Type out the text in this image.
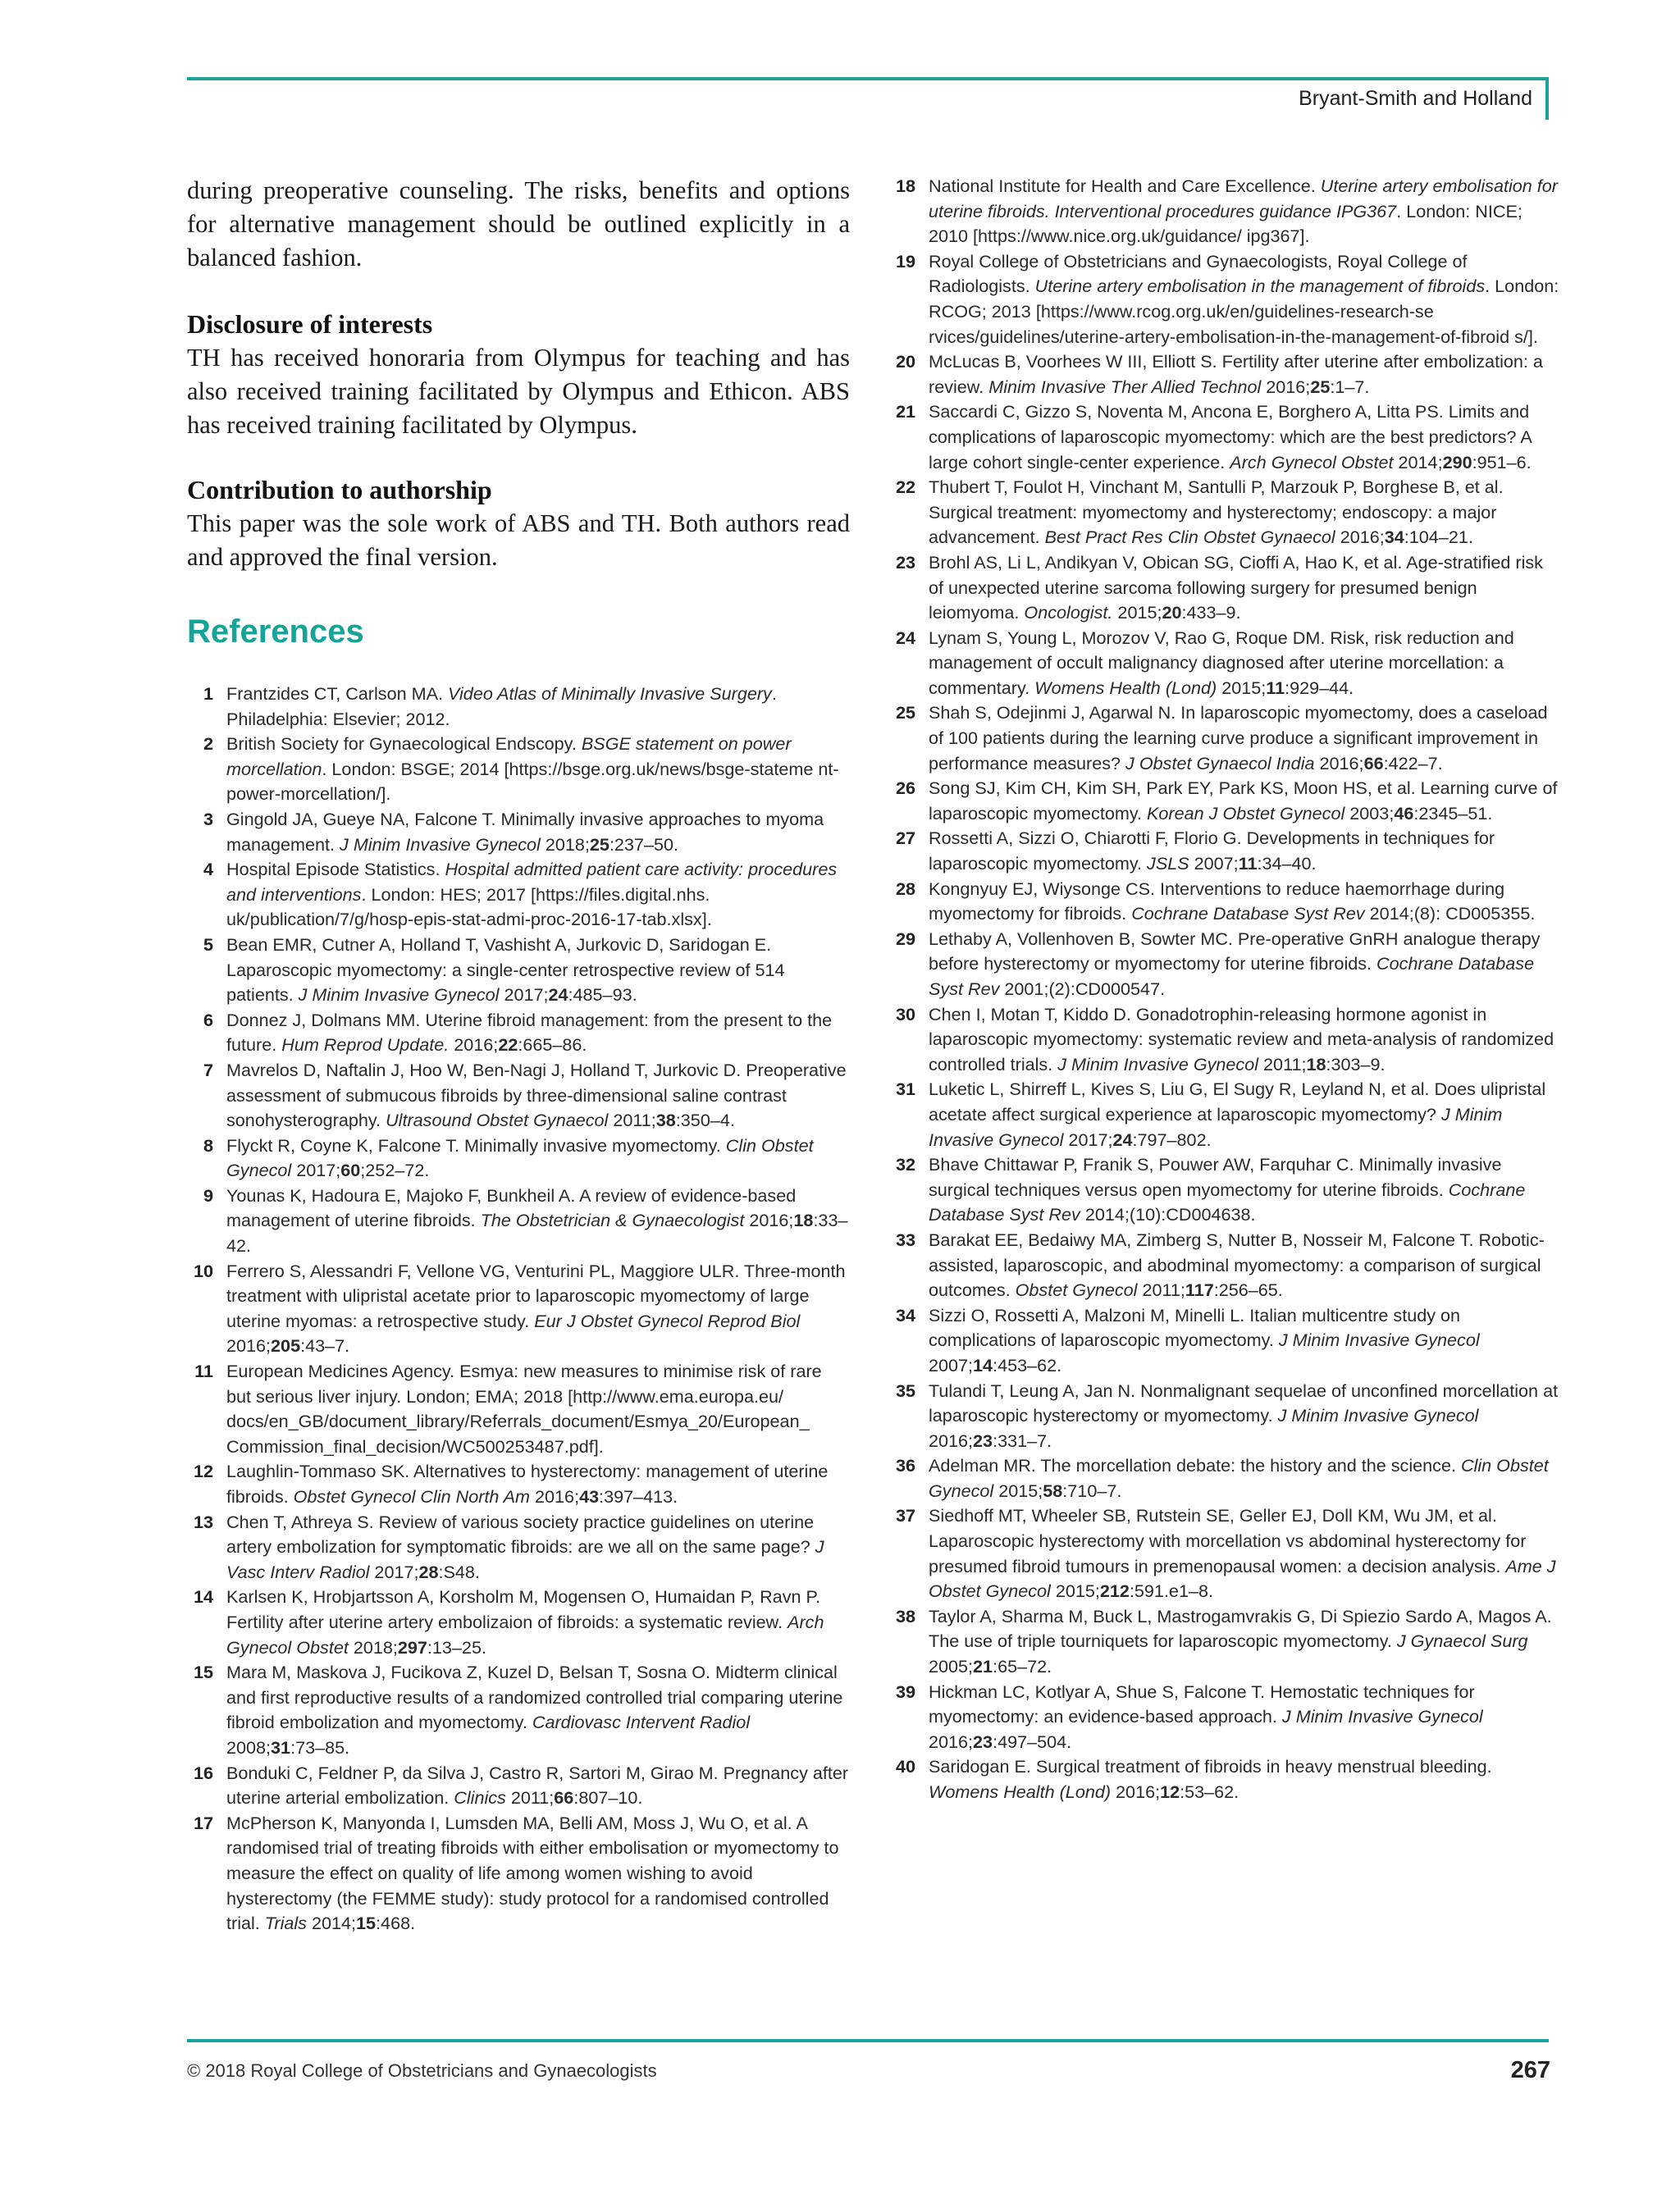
Bryant-Smith and Holland

during preoperative counseling. The risks, benefits and options for alternative management should be outlined explicitly in a balanced fashion.

Disclosure of interests

TH has received honoraria from Olympus for teaching and has also received training facilitated by Olympus and Ethicon. ABS has received training facilitated by Olympus.

Contribution to authorship

This paper was the sole work of ABS and TH. Both authors read and approved the final version.

References
1 Frantzides CT, Carlson MA. Video Atlas of Minimally Invasive Surgery. Philadelphia: Elsevier; 2012.
2 British Society for Gynaecological Endscopy. BSGE statement on power morcellation. London: BSGE; 2014 [https://bsge.org.uk/news/bsge-stateme nt-power-morcellation/].
3 Gingold JA, Gueye NA, Falcone T. Minimally invasive approaches to myoma management. J Minim Invasive Gynecol 2018;25:237–50.
4 Hospital Episode Statistics. Hospital admitted patient care activity: procedures and interventions. London: HES; 2017 [https://files.digital.nhs. uk/publication/7/g/hosp-epis-stat-admi-proc-2016-17-tab.xlsx].
5 Bean EMR, Cutner A, Holland T, Vashisht A, Jurkovic D, Saridogan E. Laparoscopic myomectomy: a single-center retrospective review of 514 patients. J Minim Invasive Gynecol 2017;24:485–93.
6 Donnez J, Dolmans MM. Uterine fibroid management: from the present to the future. Hum Reprod Update. 2016;22:665–86.
7 Mavrelos D, Naftalin J, Hoo W, Ben-Nagi J, Holland T, Jurkovic D. Preoperative assessment of submucous fibroids by three-dimensional saline contrast sonohysterography. Ultrasound Obstet Gynaecol 2011;38:350–4.
8 Flyckt R, Coyne K, Falcone T. Minimally invasive myomectomy. Clin Obstet Gynecol 2017;60;252–72.
9 Younas K, Hadoura E, Majoko F, Bunkheil A. A review of evidence-based management of uterine fibroids. The Obstetrician & Gynaecologist 2016;18:33–42.
10 Ferrero S, Alessandri F, Vellone VG, Venturini PL, Maggiore ULR. Three-month treatment with ulipristal acetate prior to laparoscopic myomectomy of large uterine myomas: a retrospective study. Eur J Obstet Gynecol Reprod Biol 2016;205:43–7.
11 European Medicines Agency. Esmya: new measures to minimise risk of rare but serious liver injury. London; EMA; 2018 [http://www.ema.europa.eu/ docs/en_GB/document_library/Referrals_document/Esmya_20/European_ Commission_final_decision/WC500253487.pdf].
12 Laughlin-Tommaso SK. Alternatives to hysterectomy: management of uterine fibroids. Obstet Gynecol Clin North Am 2016;43:397–413.
13 Chen T, Athreya S. Review of various society practice guidelines on uterine artery embolization for symptomatic fibroids: are we all on the same page? J Vasc Interv Radiol 2017;28:S48.
14 Karlsen K, Hrobjartsson A, Korsholm M, Mogensen O, Humaidan P, Ravn P. Fertility after uterine artery embolizaion of fibroids: a systematic review. Arch Gynecol Obstet 2018;297:13–25.
15 Mara M, Maskova J, Fucikova Z, Kuzel D, Belsan T, Sosna O. Midterm clinical and first reproductive results of a randomized controlled trial comparing uterine fibroid embolization and myomectomy. Cardiovasc Intervent Radiol 2008;31:73–85.
16 Bonduki C, Feldner P, da Silva J, Castro R, Sartori M, Girao M. Pregnancy after uterine arterial embolization. Clinics 2011;66:807–10.
17 McPherson K, Manyonda I, Lumsden MA, Belli AM, Moss J, Wu O, et al. A randomised trial of treating fibroids with either embolisation or myomectomy to measure the effect on quality of life among women wishing to avoid hysterectomy (the FEMME study): study protocol for a randomised controlled trial. Trials 2014;15:468.
18 National Institute for Health and Care Excellence. Uterine artery embolisation for uterine fibroids. Interventional procedures guidance IPG367. London: NICE; 2010 [https://www.nice.org.uk/guidance/ ipg367].
19 Royal College of Obstetricians and Gynaecologists, Royal College of Radiologists. Uterine artery embolisation in the management of fibroids. London: RCOG; 2013 [https://www.rcog.org.uk/en/guidelines-research-se rvices/guidelines/uterine-artery-embolisation-in-the-management-of-fibroid s/].
20 McLucas B, Voorhees W III, Elliott S. Fertility after uterine after embolization: a review. Minim Invasive Ther Allied Technol 2016;25:1–7.
21 Saccardi C, Gizzo S, Noventa M, Ancona E, Borghero A, Litta PS. Limits and complications of laparoscopic myomectomy: which are the best predictors? A large cohort single-center experience. Arch Gynecol Obstet 2014;290:951–6.
22 Thubert T, Foulot H, Vinchant M, Santulli P, Marzouk P, Borghese B, et al. Surgical treatment: myomectomy and hysterectomy; endoscopy: a major advancement. Best Pract Res Clin Obstet Gynaecol 2016;34:104–21.
23 Brohl AS, Li L, Andikyan V, Obican SG, Cioffi A, Hao K, et al. Age-stratified risk of unexpected uterine sarcoma following surgery for presumed benign leiomyoma. Oncologist. 2015;20:433–9.
24 Lynam S, Young L, Morozov V, Rao G, Roque DM. Risk, risk reduction and management of occult malignancy diagnosed after uterine morcellation: a commentary. Womens Health (Lond) 2015;11:929–44.
25 Shah S, Odejinmi J, Agarwal N. In laparoscopic myomectomy, does a caseload of 100 patients during the learning curve produce a significant improvement in performance measures? J Obstet Gynaecol India 2016;66:422–7.
26 Song SJ, Kim CH, Kim SH, Park EY, Park KS, Moon HS, et al. Learning curve of laparoscopic myomectomy. Korean J Obstet Gynecol 2003;46:2345–51.
27 Rossetti A, Sizzi O, Chiarotti F, Florio G. Developments in techniques for laparoscopic myomectomy. JSLS 2007;11:34–40.
28 Kongnyuy EJ, Wiysonge CS. Interventions to reduce haemorrhage during myomectomy for fibroids. Cochrane Database Syst Rev 2014;(8): CD005355.
29 Lethaby A, Vollenhoven B, Sowter MC. Pre-operative GnRH analogue therapy before hysterectomy or myomectomy for uterine fibroids. Cochrane Database Syst Rev 2001;(2):CD000547.
30 Chen I, Motan T, Kiddo D. Gonadotrophin-releasing hormone agonist in laparoscopic myomectomy: systematic review and meta-analysis of randomized controlled trials. J Minim Invasive Gynecol 2011;18:303–9.
31 Luketic L, Shirreff L, Kives S, Liu G, El Sugy R, Leyland N, et al. Does ulipristal acetate affect surgical experience at laparoscopic myomectomy? J Minim Invasive Gynecol 2017;24:797–802.
32 Bhave Chittawar P, Franik S, Pouwer AW, Farquhar C. Minimally invasive surgical techniques versus open myomectomy for uterine fibroids. Cochrane Database Syst Rev 2014;(10):CD004638.
33 Barakat EE, Bedaiwy MA, Zimberg S, Nutter B, Nosseir M, Falcone T. Robotic-assisted, laparoscopic, and abodminal myomectomy: a comparison of surgical outcomes. Obstet Gynecol 2011;117:256–65.
34 Sizzi O, Rossetti A, Malzoni M, Minelli L. Italian multicentre study on complications of laparoscopic myomectomy. J Minim Invasive Gynecol 2007;14:453–62.
35 Tulandi T, Leung A, Jan N. Nonmalignant sequelae of unconfined morcellation at laparoscopic hysterectomy or myomectomy. J Minim Invasive Gynecol 2016;23:331–7.
36 Adelman MR. The morcellation debate: the history and the science. Clin Obstet Gynecol 2015;58:710–7.
37 Siedhoff MT, Wheeler SB, Rutstein SE, Geller EJ, Doll KM, Wu JM, et al. Laparoscopic hysterectomy with morcellation vs abdominal hysterectomy for presumed fibroid tumours in premenopausal women: a decision analysis. Ame J Obstet Gynecol 2015;212:591.e1–8.
38 Taylor A, Sharma M, Buck L, Mastrogamvrakis G, Di Spiezio Sardo A, Magos A. The use of triple tourniquets for laparoscopic myomectomy. J Gynaecol Surg 2005;21:65–72.
39 Hickman LC, Kotlyar A, Shue S, Falcone T. Hemostatic techniques for myomectomy: an evidence-based approach. J Minim Invasive Gynecol 2016;23:497–504.
40 Saridogan E. Surgical treatment of fibroids in heavy menstrual bleeding. Womens Health (Lond) 2016;12:53–62.
© 2018 Royal College of Obstetricians and Gynaecologists	267
